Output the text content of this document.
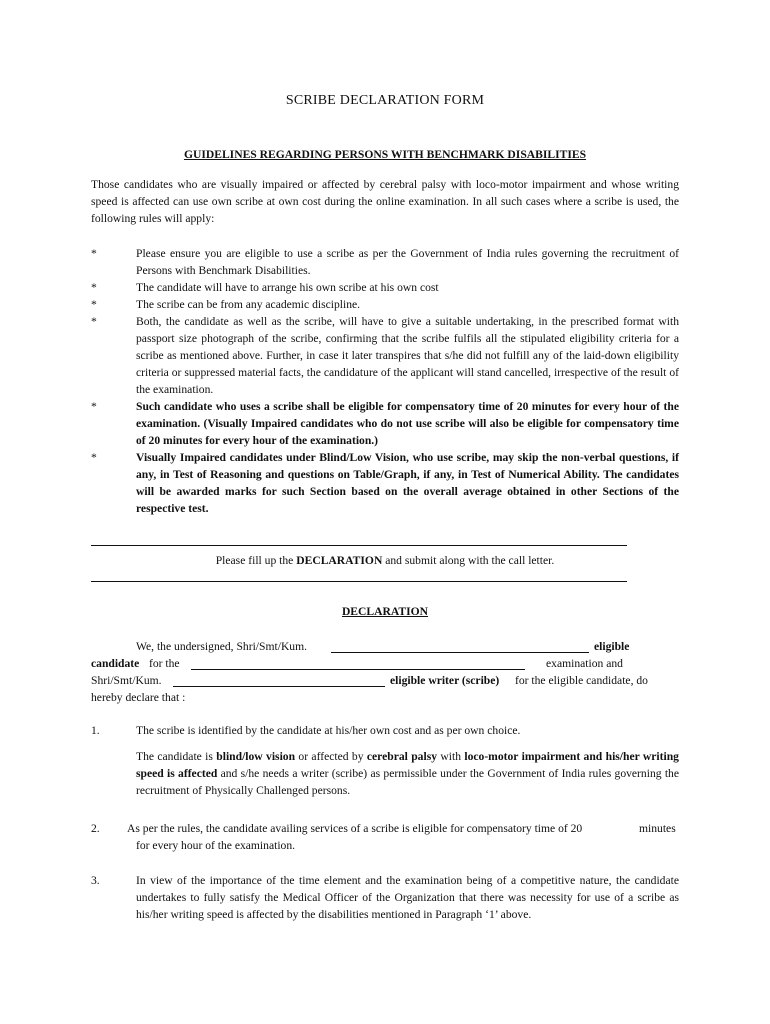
SCRIBE DECLARATION FORM
GUIDELINES REGARDING PERSONS WITH BENCHMARK DISABILITIES
Those candidates who are visually impaired or affected by cerebral palsy with loco-motor impairment and whose writing speed is affected can use own scribe at own cost during the online examination. In all such cases where a scribe is used, the following rules will apply:
*	Please ensure you are eligible to use a scribe as per the Government of India rules governing the recruitment of Persons with Benchmark Disabilities.
*	The candidate will have to arrange his own scribe at his own cost
*	The scribe can be from any academic discipline.
*	Both, the candidate as well as the scribe, will have to give a suitable undertaking, in the prescribed format with passport size photograph of the scribe, confirming that the scribe fulfils all the stipulated eligibility criteria for a scribe as mentioned above. Further, in case it later transpires that s/he did not fulfill any of the laid-down eligibility criteria or suppressed material facts, the candidature of the applicant will stand cancelled, irrespective of the result of the examination.
*	Such candidate who uses a scribe shall be eligible for compensatory time of 20 minutes for every hour of the examination. (Visually Impaired candidates who do not use scribe will also be eligible for compensatory time of 20 minutes for every hour of the examination.)
*	Visually Impaired candidates under Blind/Low Vision, who use scribe, may skip the non-verbal questions, if any, in Test of Reasoning and questions on Table/Graph, if any, in Test of Numerical Ability. The candidates will be awarded marks for such Section based on the overall average obtained in other Sections of the respective test.
Please fill up the DECLARATION and submit along with the call letter.
DECLARATION
We, the undersigned, Shri/Smt/Kum.	eligible
candidate for the	examination and
Shri/Smt/Kum.	eligible writer (scribe) for the eligible candidate, do
hereby declare that :
1.	The scribe is identified by the candidate at his/her own cost and as per own choice.

The candidate is blind/low vision or affected by cerebral palsy with loco-motor impairment and his/her writing speed is affected and s/he needs a writer (scribe) as permissible under the Government of India rules governing the recruitment of Physically Challenged persons.

2. As per the rules, the candidate availing services of a scribe is eligible for compensatory time of 20	minutes

for every hour of the examination.

3.	In view of the importance of the time element and the examination being of a competitive nature, the candidate undertakes to fully satisfy the Medical Officer of the Organization that there was necessity for use of a scribe as his/her writing speed is affected by the disabilities mentioned in Paragraph ‘1’ above.
